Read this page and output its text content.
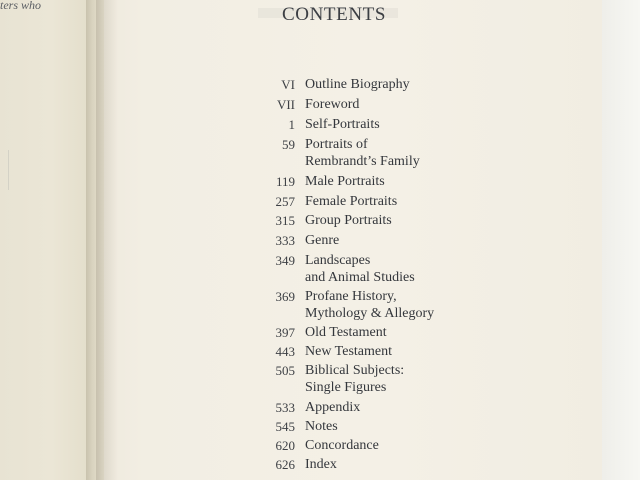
ters who	CONTENTS
VI Outline Biography
VII Foreword
1 Self-Portraits
59 Portraits of
Rembrandt’s Family
119 Male Portraits
257 Female Portraits
315 Group Portraits
333 Genre
349 Landscapes
and Animal Studies
369 Profane History,
Mythology & Allegory
397 Old Testament
443 New Testament
505 Biblical Subjects:
Single Figures
533 Appendix
545 Notes
620 Concordance
626 Index
